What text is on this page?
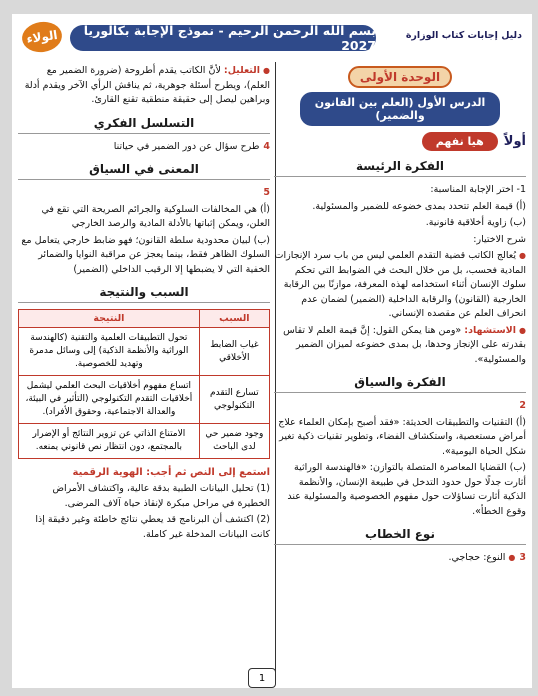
الولاء	بسم الله الرحمن الرحيم - نموذج الإجابة بكالوريا 2027
دليل إجابات كتاب الوزارة
الوحدة الأولى
الدرس الأول (العلم بين القانون والضمير)
أولاً
هيا نفهم
الفكرة الرئيسة
1- اختر الإجابة المناسبة:
(أ) قيمة العلم تتحدد بمدى خضوعه للضمير والمسئولية.
(ب) زاوية أخلاقية قانونية.
شرح الاختيار:
● يُعالج الكاتب قضية التقدم العلمي ليس من باب سرد الإنجازات المادية فحسب، بل من خلال البحث في الضوابط التي تحكم سلوك الإنسان أثناء استخدامه لهذه المعرفة، موازنًا بين الرقابة الخارجية (القانون) والرقابة الداخلية (الضمير) لضمان عدم انحراف العلم عن مقصده الإنساني.
● الاستشهاد: «ومن هنا يمكن القول: إنَّ قيمة العلم لا تقاس بقدرته على الإنجاز وحدها، بل بمدى خضوعه لميزان الضمير والمسئولية».
الفكرة والسياق
2
(أ) التقنيات والتطبيقات الحديثة: «فقد أصبح بإمكان العلماء علاج أمراض مستعصية، واستكشاف الفضاء، وتطوير تقنيات ذكية تغير شكل الحياة اليومية».
(ب) القضايا المعاصرة المتصلة بالتوازن: «فالهندسة الوراثية أثارت جدلًا حول حدود التدخل في طبيعة الإنسان، والأنظمة الذكية أثارت تساؤلات حول مفهوم الخصوصية والمسئولية عند وقوع الخطأ».
نوع الخطاب
3● النوع: حجاجي.
● التعليل: لأنَّ الكاتب يقدم أطروحة (ضرورة الضمير مع العلم)، ويطرح أسئلة جوهرية، ثم يناقش الرأي الآخر ويقدم أدلة وبراهين ليصل إلى حقيقة منطقية تقنع القارئ.
التسلسل الفكري
4طرح سؤال عن دور الضمير في حياتنا
المعنى في السياق
5
(أ) هي المخالفات السلوكية والجرائم الصريحة التي تقع في العلن، ويمكن إثباتها بالأدلة المادية والرصد الخارجي
(ب) لبيان محدودية سلطة القانون؛ فهو ضابط خارجي يتعامل مع السلوك الظاهر فقط، بينما يعجز عن مراقبة النوايا والضمائر الخفية التي لا يضبطها إلا الرقيب الداخلي (الضمير)
السبب والنتيجة
السبب	النتيجة
غياب الضابط الأخلاقي	تحول التطبيقات العلمية والتقنية (كالهندسة الوراثية والأنظمة الذكية) إلى وسائل مدمرة وتهديد للخصوصية.
تسارع التقدم التكنولوجي	اتساع مفهوم أخلاقيات البحث العلمي ليشمل أخلاقيات التقدم التكنولوجي (التأثير في البيئة، والعدالة الاجتماعية، وحقوق الأفراد).
وجود ضمير حي لدى الباحث	الامتناع الذاتي عن تزوير النتائج أو الإضرار بالمجتمع، دون انتظار نص قانوني يمنعه.
استمع إلى النص ثم أجب: الهوية الرقمية
(1) تحليل البيانات الطبية بدقة عالية، واكتشاف الأمراض الخطيرة في مراحل مبكرة لإنقاذ حياة آلاف المرضى.
(2) اكتشف أن البرنامج قد يعطي نتائج خاطئة وغير دقيقة إذا كانت البيانات المدخلة غير كاملة.
1
